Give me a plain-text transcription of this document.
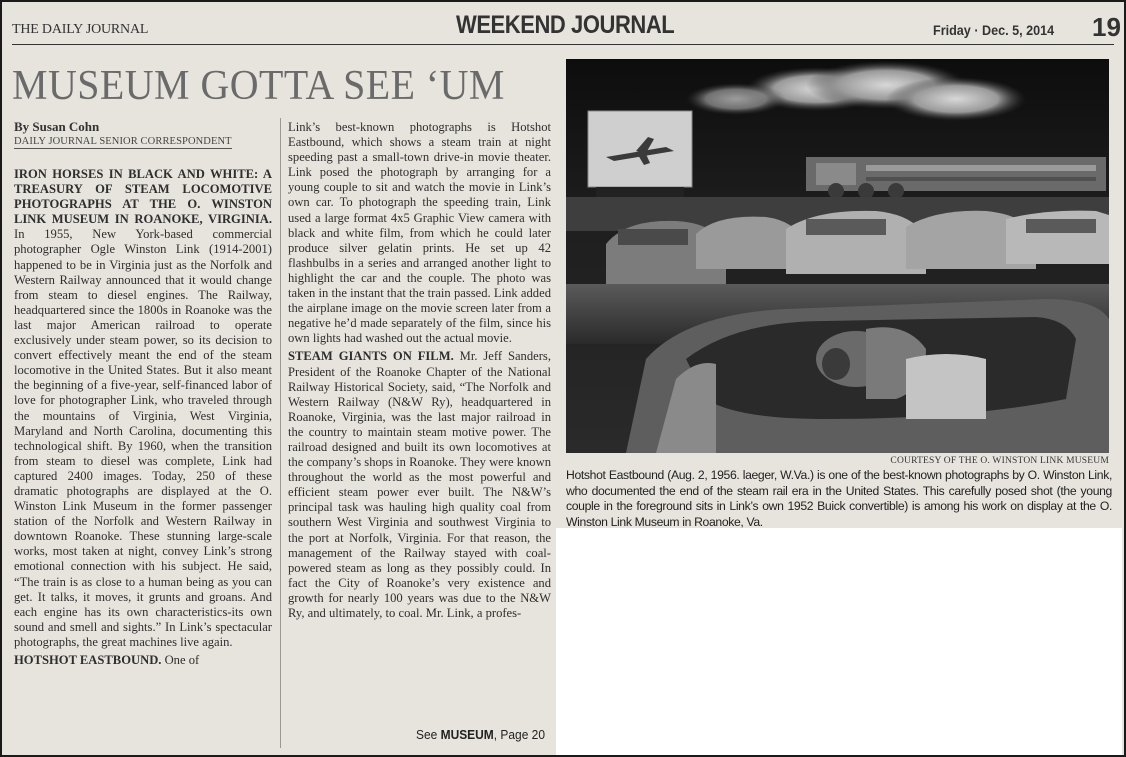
THE DAILY JOURNAL	WEEKEND JOURNAL	Friday · Dec. 5, 2014 19
MUSEUM GOTTA SEE ‘UM
By Susan Cohn
DAILY JOURNAL SENIOR CORRESPONDENT
IRON HORSES IN BLACK AND WHITE: A TREASURY OF STEAM LOCOMOTIVE PHOTOGRAPHS AT THE O. WINSTON LINK MUSEUM IN ROANOKE, VIRGINIA. In 1955, New York-based commercial photographer Ogle Winston Link (1914-2001) happened to be in Virginia just as the Norfolk and Western Railway announced that it would change from steam to diesel engines. The Railway, headquartered since the 1800s in Roanoke was the last major American railroad to operate exclusively under steam power, so its decision to convert effectively meant the end of the steam locomotive in the United States. But it also meant the beginning of a five-year, self-financed labor of love for photographer Link, who traveled through the mountains of Virginia, West Virginia, Maryland and North Carolina, documenting this technological shift. By 1960, when the transition from steam to diesel was complete, Link had captured 2400 images. Today, 250 of these dramatic photographs are displayed at the O. Winston Link Museum in the former passenger station of the Norfolk and Western Railway in downtown Roanoke. These stunning large-scale works, most taken at night, convey Link’s strong emotional connection with his subject. He said, “The train is as close to a human being as you can get. It talks, it moves, it grunts and groans. And each engine has its own characteristics-its own sound and smell and sights.” In Link’s spectacular photographs, the great machines live again.
HOTSHOT EASTBOUND. One of
Link’s best-known photographs is Hotshot Eastbound, which shows a steam train at night speeding past a small-town drive-in movie theater. Link posed the photograph by arranging for a young couple to sit and watch the movie in Link’s own car. To photograph the speeding train, Link used a large format 4x5 Graphic View camera with black and white film, from which he could later produce silver gelatin prints. He set up 42 flashbulbs in a series and arranged another light to highlight the car and the couple. The photo was taken in the instant that the train passed. Link added the airplane image on the movie screen later from a negative he’d made separately of the film, since his own lights had washed out the actual movie.
STEAM GIANTS ON FILM. Mr. Jeff Sanders, President of the Roanoke Chapter of the National Railway Historical Society, said, “The Norfolk and Western Railway (N&W Ry), headquartered in Roanoke, Virginia, was the last major railroad in the country to maintain steam motive power. The railroad designed and built its own locomotives at the company’s shops in Roanoke. They were known throughout the world as the most powerful and efficient steam power ever built. The N&W’s principal task was hauling high quality coal from southern West Virginia and southwest Virginia to the port at Norfolk, Virginia. For that reason, the management of the Railway stayed with coal-powered steam as long as they possibly could. In fact the City of Roanoke’s very existence and growth for nearly 100 years was due to the N&W Ry, and ultimately, to coal. Mr. Link, a profes-
See MUSEUM, Page 20
COURTESY OF THE O. WINSTON LINK MUSEUM
Hotshot Eastbound (Aug. 2, 1956. laeger, W.Va.) is one of the best-known photographs by O. Winston Link, who documented the end of the steam rail era in the United States. This carefully posed shot (the young couple in the foreground sits in Link’s own 1952 Buick convertible) is among his work on display at the O. Winston Link Museum in Roanoke, Va.
